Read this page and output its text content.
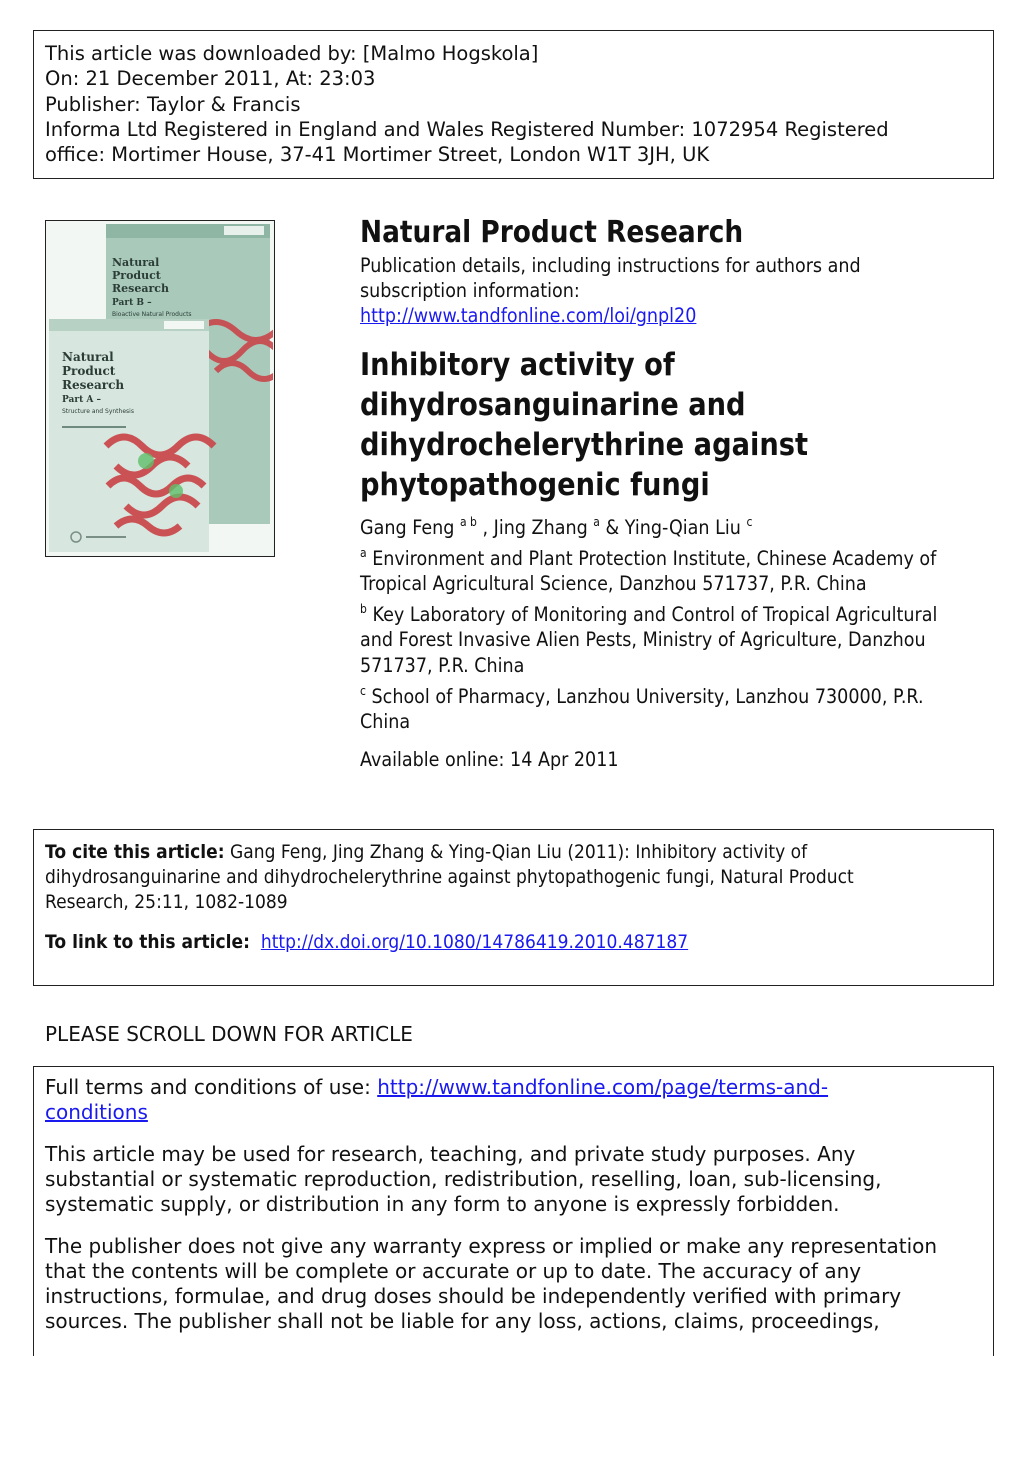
This article was downloaded by: [Malmo Hogskola]
On: 21 December 2011, At: 23:03
Publisher: Taylor & Francis
Informa Ltd Registered in England and Wales Registered Number: 1072954 Registered
office: Mortimer House, 37-41 Mortimer Street, London W1T 3JH, UK
Natural
Product
Research
Part B –
Bioactive Natural Products
Natural
Product
Research
Part A –
Structure and Synthesis
Natural Product Research
Publication details, including instructions for authors and
subscription information:
http://www.tandfonline.com/loi/gnpl20
Inhibitory activity of
dihydrosanguinarine and
dihydrochelerythrine against
phytopathogenic fungi
Gang Feng $^{a b}$ , Jing Zhang $^a$ & Ying-Qian Liu $^c$
$^a$ Environment and Plant Protection Institute, Chinese Academy of
Tropical Agricultural Science, Danzhou 571737, P.R. China
$^b$ Key Laboratory of Monitoring and Control of Tropical Agricultural
and Forest Invasive Alien Pests, Ministry of Agriculture, Danzhou
571737, P.R. China
$^c$ School of Pharmacy, Lanzhou University, Lanzhou 730000, P.R.
China
Available online: 14 Apr 2011
To cite this article: Gang Feng, Jing Zhang & Ying-Qian Liu (2011): Inhibitory activity of
dihydrosanguinarine and dihydrochelerythrine against phytopathogenic fungi, Natural Product
Research, 25:11, 1082-1089
To link to this article: http://dx.doi.org/10.1080/14786419.2010.487187
PLEASE SCROLL DOWN FOR ARTICLE
Full terms and conditions of use: http://www.tandfonline.com/page/terms-and-
conditions
This article may be used for research, teaching, and private study purposes. Any
substantial or systematic reproduction, redistribution, reselling, loan, sub-licensing,
systematic supply, or distribution in any form to anyone is expressly forbidden.
The publisher does not give any warranty express or implied or make any representation
that the contents will be complete or accurate or up to date. The accuracy of any
instructions, formulae, and drug doses should be independently verified with primary
sources. The publisher shall not be liable for any loss, actions, claims, proceedings,
